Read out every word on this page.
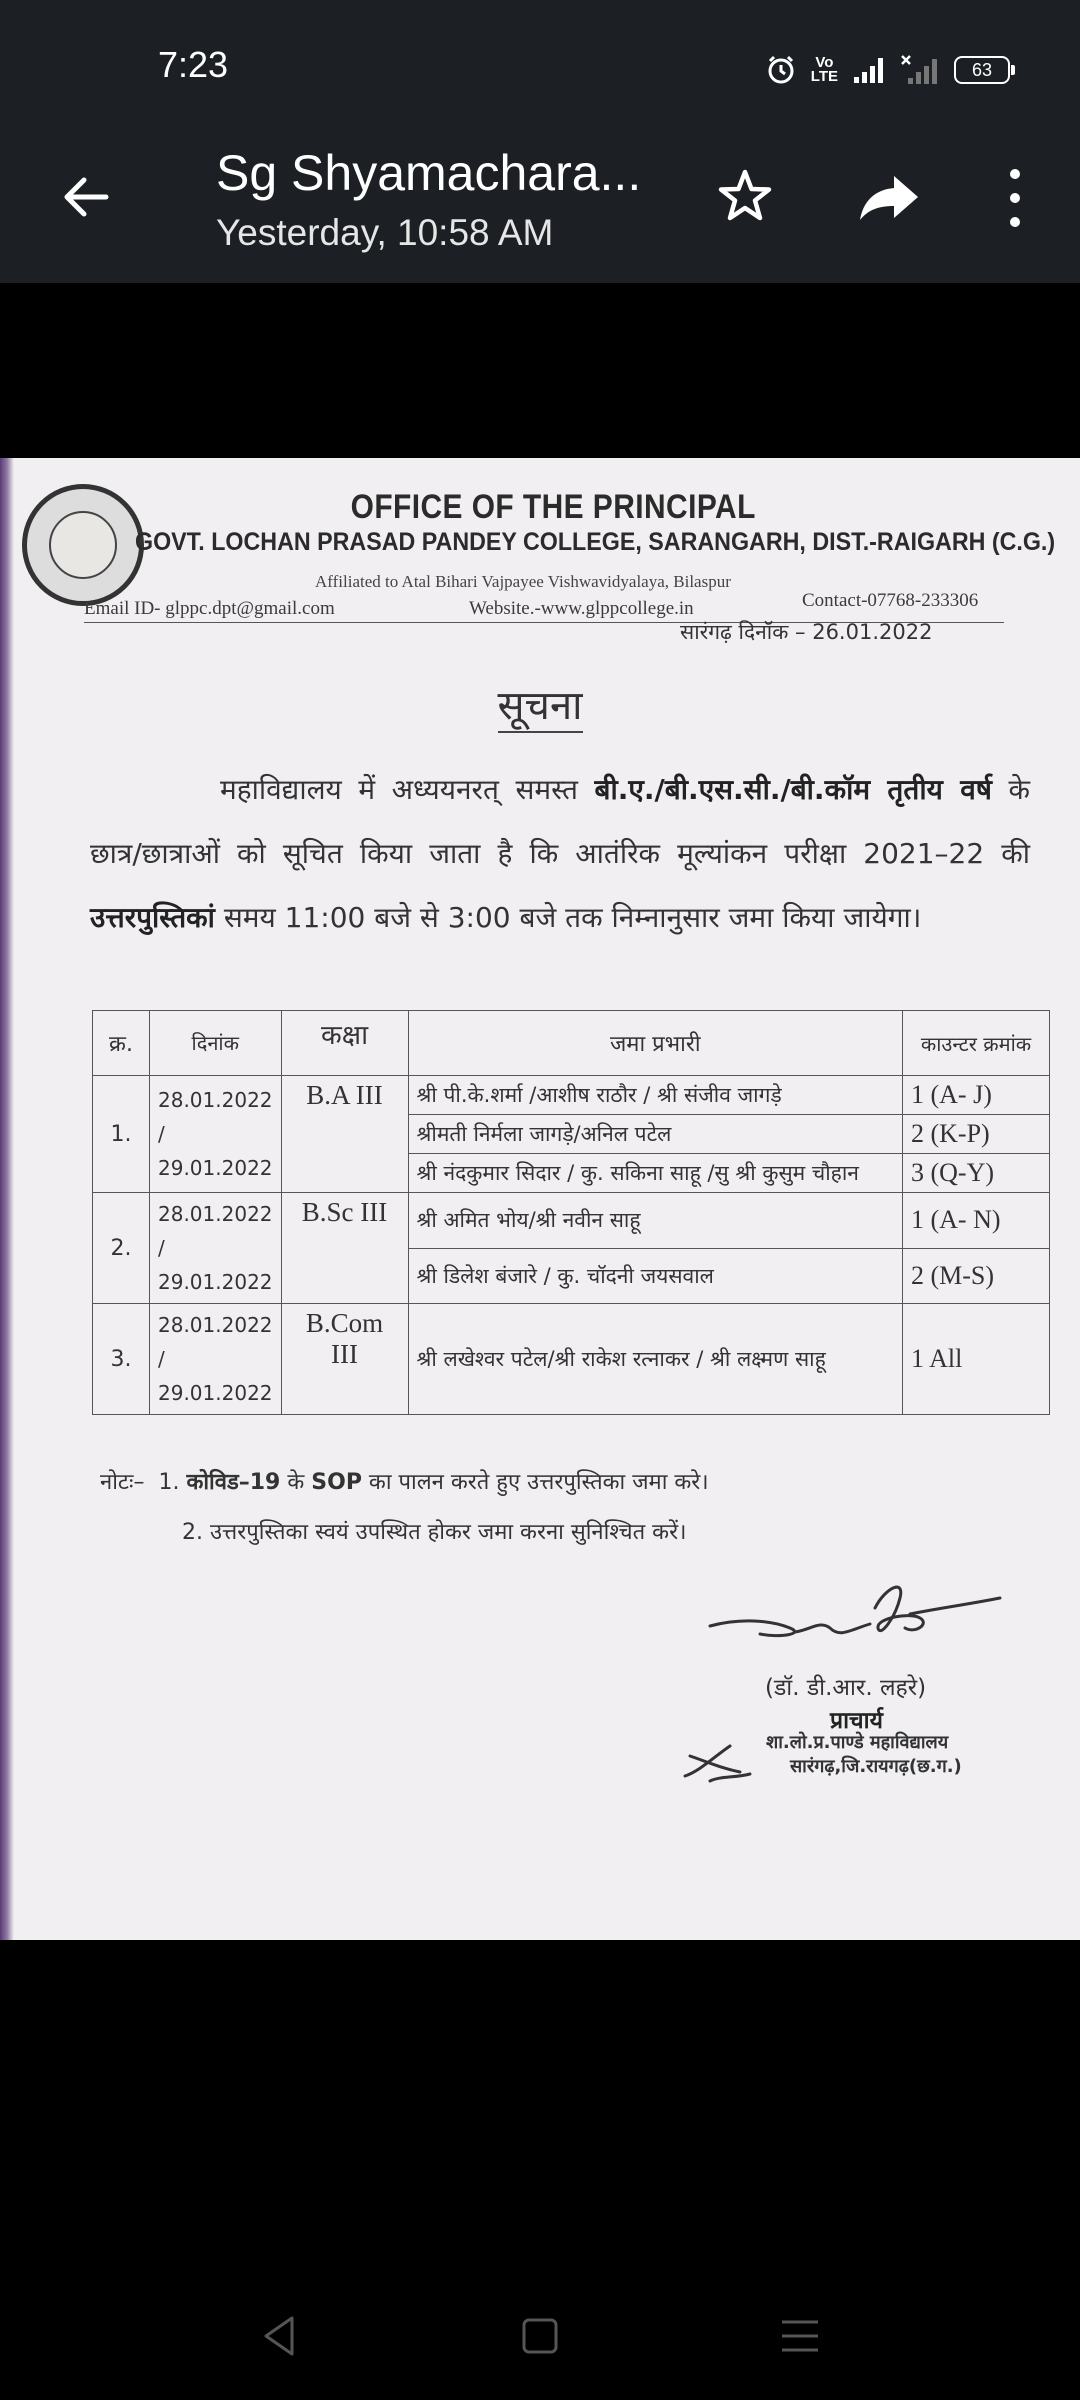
7:23	Vo
LTE	63
Sg Shyamachara...
Yesterday, 10:58 AM
OFFICE OF THE PRINCIPAL
GOVT. LOCHAN PRASAD PANDEY COLLEGE, SARANGARH, DIST.-RAIGARH (C.G.)
Affiliated to Atal Bihari Vajpayee Vishwavidyalaya, Bilaspur
Email ID- glppc.dpt@gmail.com	Website.-www.glppcollege.in	Contact-07768-233306
सारंगढ़ दिनॉक – 26.01.2022
सूचना
महाविद्यालय में अध्ययनरत् समस्त बी.ए./बी.एस.सी./बी.कॉम तृतीय वर्ष के छात्र/छात्राओं को सूचित किया जाता है कि आतंरिक मूल्यांकन परीक्षा 2021–22 की उत्तरपुस्तिकां समय 11:00 बजे से 3:00 बजे तक निम्नानुसार जमा किया जायेगा।
क्र.	दिनांक	कक्षा	जमा प्रभारी	काउन्टर क्रमांक
1.	28.01.2022 / 29.01.2022	B.A III	श्री पी.के.शर्मा /आशीष राठौर / श्री संजीव जागड़े	1 (A- J)
			श्रीमती निर्मला जागड़े/अनिल पटेल	2 (K-P)
			श्री नंदकुमार सिदार / कु. सकिना साहू /सु श्री कुसुम चौहान	3 (Q-Y)
2.	28.01.2022 / 29.01.2022	B.Sc III	श्री अमित भोय/श्री नवीन साहू	1 (A- N)
			श्री डिलेश बंजारे / कु. चॉदनी जयसवाल	2 (M-S)
3.	28.01.2022 / 29.01.2022	B.Com III	श्री लखेश्वर पटेल/श्री राकेश रत्नाकर / श्री लक्ष्मण साहू	1 All
नोटः– 1. कोविड–19 के SOP का पालन करते हुए उत्तरपुस्तिका जमा करे।
2. उत्तरपुस्तिका स्वयं उपस्थित होकर जमा करना सुनिश्चित करें।
(डॉ. डी.आर. लहरे)
प्राचार्य
शा.लो.प्र.पाण्डे महाविद्यालय
सारंगढ़,जि.रायगढ़(छ.ग.)
